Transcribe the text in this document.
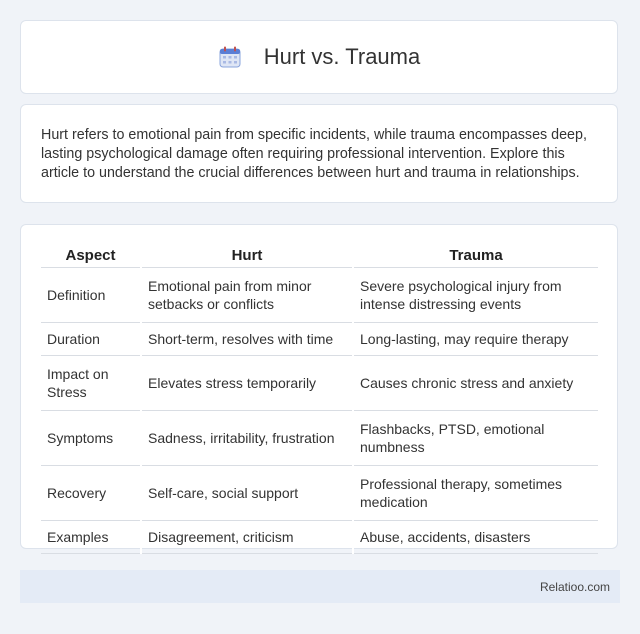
Hurt vs. Trauma

Hurt refers to emotional pain from specific incidents, while trauma encompasses deep, lasting psychological damage often requiring professional intervention. Explore this article to understand the crucial differences between hurt and trauma in relationships.

Aspect	Hurt	Trauma
Definition	Emotional pain from minor setbacks or conflicts	Severe psychological injury from intense distressing events
Duration	Short-term, resolves with time	Long-lasting, may require therapy
Impact on Stress	Elevates stress temporarily	Causes chronic stress and anxiety
Symptoms	Sadness, irritability, frustration	Flashbacks, PTSD, emotional numbness
Recovery	Self-care, social support	Professional therapy, sometimes medication
Examples	Disagreement, criticism	Abuse, accidents, disasters
Relatioo.com
